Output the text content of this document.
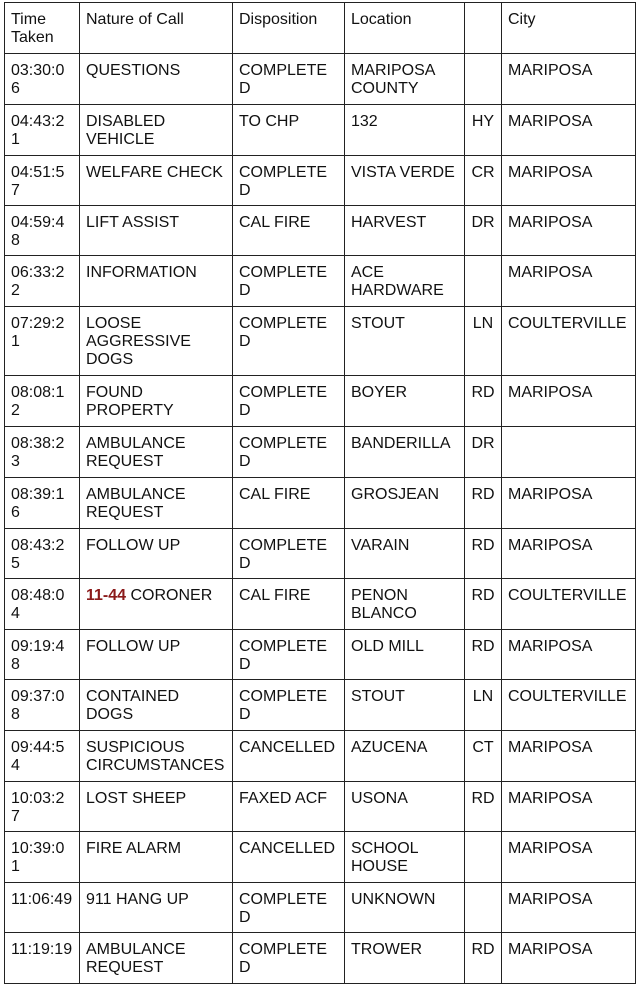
Time Taken	Nature of Call	Disposition	Location		City
03:30:06	QUESTIONS	COMPLETED	MARIPOSA COUNTY		MARIPOSA
04:43:21	DISABLED VEHICLE	TO CHP	132	HY	MARIPOSA
04:51:57	WELFARE CHECK	COMPLETED	VISTA VERDE	CR	MARIPOSA
04:59:48	LIFT ASSIST	CAL FIRE	HARVEST	DR	MARIPOSA
06:33:22	INFORMATION	COMPLETED	ACE HARDWARE		MARIPOSA
07:29:21	LOOSE AGGRESSIVE DOGS	COMPLETED	STOUT	LN	COULTERVILLE
08:08:12	FOUND PROPERTY	COMPLETED	BOYER	RD	MARIPOSA
08:38:23	AMBULANCE REQUEST	COMPLETED	BANDERILLA	DR	
08:39:16	AMBULANCE REQUEST	CAL FIRE	GROSJEAN	RD	MARIPOSA
08:43:25	FOLLOW UP	COMPLETED	VARAIN	RD	MARIPOSA
08:48:04	11-44 CORONER	CAL FIRE	PENON BLANCO	RD	COULTERVILLE
09:19:48	FOLLOW UP	COMPLETED	OLD MILL	RD	MARIPOSA
09:37:08	CONTAINED DOGS	COMPLETED	STOUT	LN	COULTERVILLE
09:44:54	SUSPICIOUS CIRCUMSTANCES	CANCELLED	AZUCENA	CT	MARIPOSA
10:03:27	LOST SHEEP	FAXED ACF	USONA	RD	MARIPOSA
10:39:01	FIRE ALARM	CANCELLED	SCHOOL HOUSE		MARIPOSA
11:06:49	911 HANG UP	COMPLETED	UNKNOWN		MARIPOSA
11:19:19	AMBULANCE REQUEST	COMPLETED	TROWER	RD	MARIPOSA
